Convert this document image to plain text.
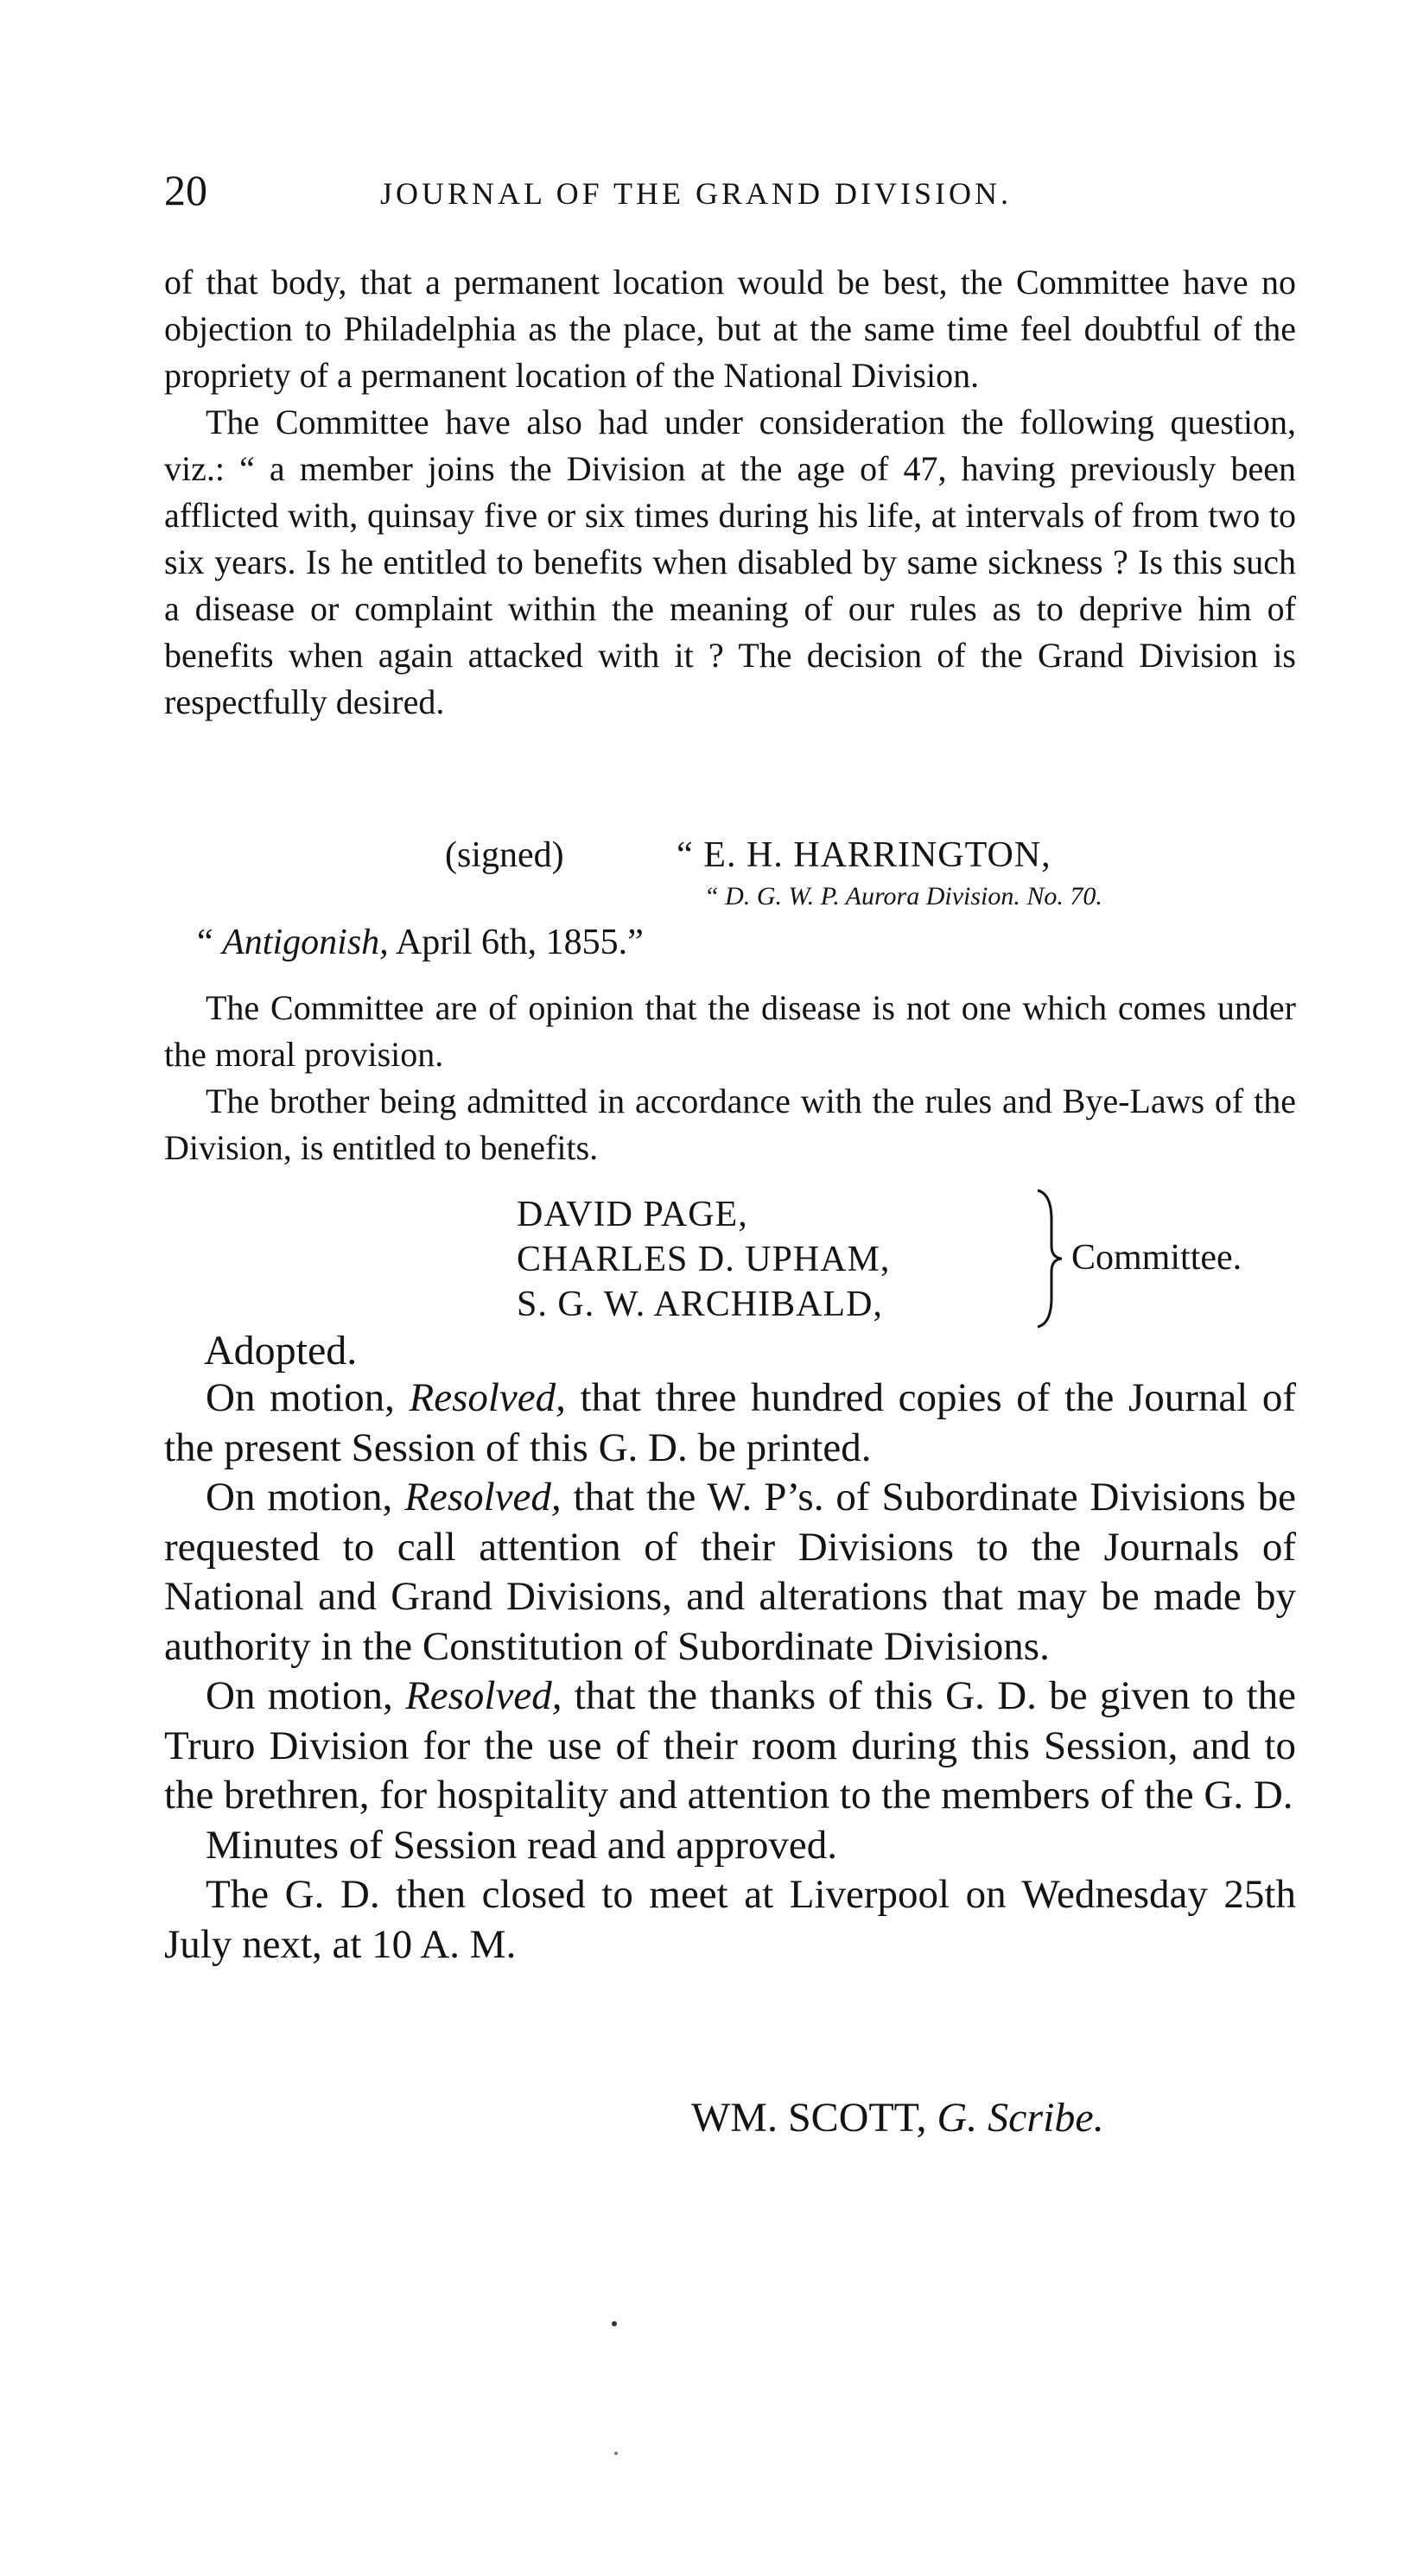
20	JOURNAL OF THE GRAND DIVISION.

of that body, that a permanent location would be best, the Committee have no objection to Philadelphia as the place, but at the same time feel doubtful of the propriety of a permanent location of the National Division.

The Committee have also had under consideration the following question, viz.: “ a member joins the Division at the age of 47, having previously been afflicted with, quinsay five or six times during his life, at intervals of from two to six years. Is he entitled to benefits when disabled by same sickness ? Is this such a disease or complaint within the meaning of our rules as to deprive him of benefits when again attacked with it ? The decision of the Grand Division is respectfully desired.

(signed)	“ E. H. HARRINGTON,
“ D. G. W. P. Aurora Division. No. 70.
“ Antigonish, April 6th, 1855.”

The Committee are of opinion that the disease is not one which comes under the moral provision.

The brother being admitted in accordance with the rules and Bye-Laws of the Division, is entitled to benefits.

DAVID PAGE,
CHARLES D. UPHAM,
S. G. W. ARCHIBALD,
Committee.
Adopted.

On motion, Resolved, that three hundred copies of the Journal of the present Session of this G. D. be printed.

On motion, Resolved, that the W. P’s. of Subordinate Divisions be requested to call attention of their Divisions to the Journals of National and Grand Divisions, and alterations that may be made by authority in the Constitution of Subordinate Divisions.

On motion, Resolved, that the thanks of this G. D. be given to the Truro Division for the use of their room during this Session, and to the brethren, for hospitality and attention to the members of the G. D.

Minutes of Session read and approved.

The G. D. then closed to meet at Liverpool on Wednesday 25th July next, at 10 A. M.

WM. SCOTT, G. Scribe.
